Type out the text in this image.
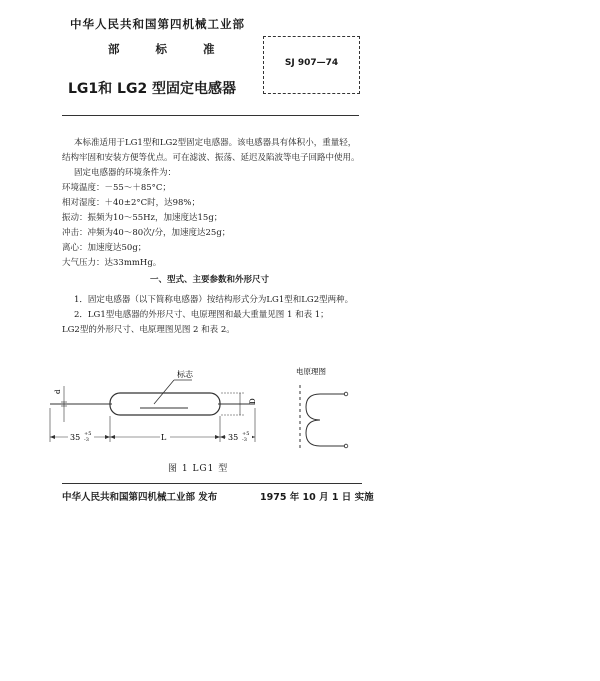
中华人民共和国第四机械工业部
部	标	准
SJ 907—74
LG1和 LG2 型固定电感器
本标准适用于LG1型和LG2型固定电感器。该电感器具有体积小，重量轻，
结构牢固和安装方便等优点。可在滤波、振荡、延迟及陷波等电子回路中使用。
固定电感器的环境条件为：
环境温度：－55～＋85°C；
相对湿度：＋40±2°C时，达98%；
振动：振频为10～55Hz，加速度达15g；
冲击：冲频为40～80次/分，加速度达25g；
离心：加速度达50g；
大气压力：达33mmHg。
一、型式、主要参数和外形尺寸
1．固定电感器（以下简称电感器）按结构形式分为LG1型和LG2型两种。
2．LG1型电感器的外形尺寸、电原理图和最大重量见图 1 和表 1；
LG2型的外形尺寸、电原理图见图 2 和表 2。
标志
d
D
35 +5
-3	L	35 +5
-3
电原理图
图 1 LG1 型
中华人民共和国第四机械工业部 发布	1975 年 10 月 1 日 实施
